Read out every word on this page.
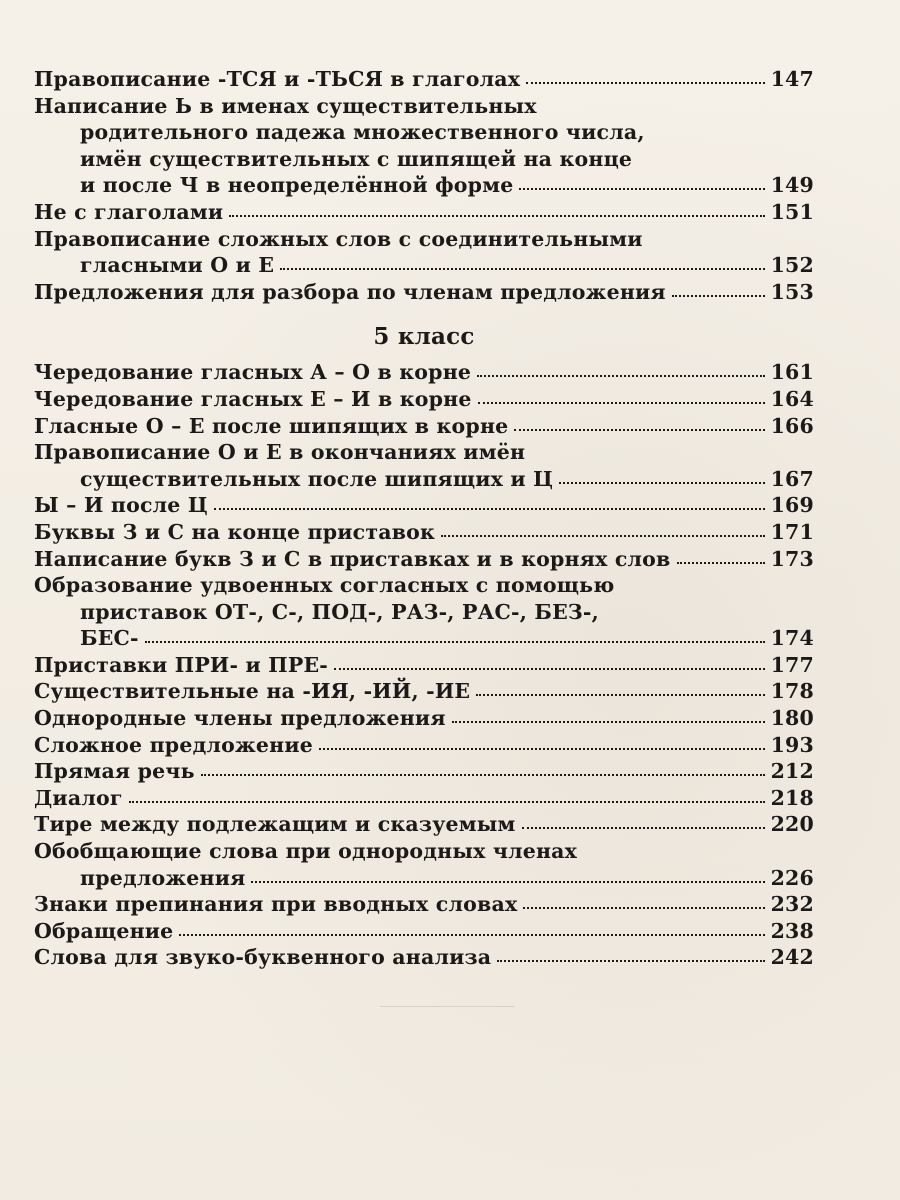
Правописание -ТСЯ и -ТЬСЯ в глаголах	147
Написание Ь в именах существительных
родительного падежа множественного числа,
имён существительных с шипящей на конце
и после Ч в неопределённой форме	149
Не с глаголами	151
Правописание сложных слов с соединительными
гласными О и Е	152
Предложения для разбора по членам предложения	153
5 класс
Чередование гласных А – О в корне	161
Чередование гласных Е – И в корне	164
Гласные О – Е после шипящих в корне	166
Правописание О и Е в окончаниях имён
существительных после шипящих и Ц	167
Ы – И после Ц	169
Буквы З и С на конце приставок	171
Написание букв З и С в приставках и в корнях слов	173
Образование удвоенных согласных с помощью
приставок ОТ-, С-, ПОД-, РАЗ-, РАС-, БЕЗ-,
БЕС-	174
Приставки ПРИ- и ПРЕ-	177
Существительные на -ИЯ, -ИЙ, -ИЕ	178
Однородные члены предложения	180
Сложное предложение	193
Прямая речь	212
Диалог	218
Тире между подлежащим и сказуемым	220
Обобщающие слова при однородных членах
предложения	226
Знаки препинания при вводных словах	232
Обращение	238
Слова для звуко-буквенного анализа	242
